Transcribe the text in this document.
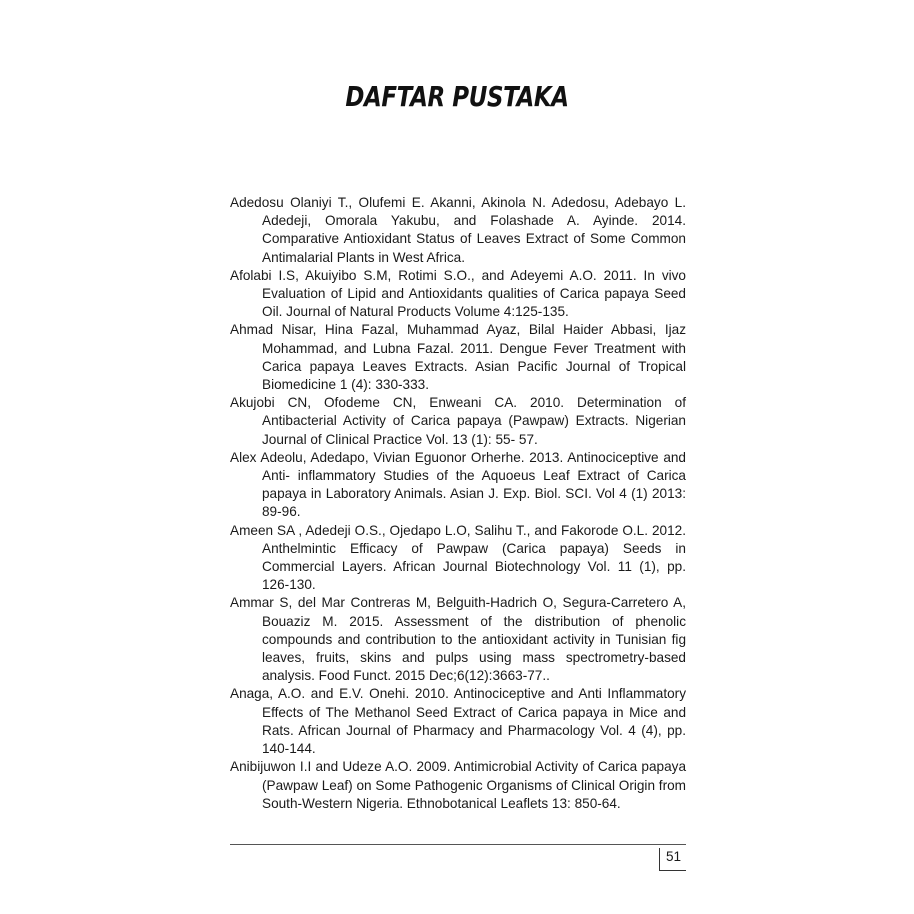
DAFTAR PUSTAKA

Adedosu Olaniyi T., Olufemi E. Akanni, Akinola N. Adedosu, Adebayo L. Adedeji, Omorala Yakubu, and Folashade A. Ayinde. 2014. Comparative Antioxidant Status of Leaves Extract of Some Common Antimalarial Plants in West Africa.

Afolabi I.S, Akuiyibo S.M, Rotimi S.O., and Adeyemi A.O. 2011. In vivo Evaluation of Lipid and Antioxidants qualities of Carica papaya Seed Oil. Journal of Natural Products Volume 4:125-135.

Ahmad Nisar, Hina Fazal, Muhammad Ayaz, Bilal Haider Abbasi, Ijaz Mohammad, and Lubna Fazal. 2011. Dengue Fever Treatment with Carica papaya Leaves Extracts. Asian Pacific Journal of Tropical Biomedicine 1 (4): 330-333.

Akujobi CN, Ofodeme CN, Enweani CA. 2010. Determination of Antibacterial Activity of Carica papaya (Pawpaw) Extracts. Nigerian Journal of Clinical Practice Vol. 13 (1): 55- 57.

Alex Adeolu, Adedapo, Vivian Eguonor Orherhe. 2013. Antinociceptive and Anti- inflammatory Studies of the Aquoeus Leaf Extract of Carica papaya in Laboratory Animals. Asian J. Exp. Biol. SCI. Vol 4 (1) 2013: 89-96.

Ameen SA , Adedeji O.S., Ojedapo L.O, Salihu T., and Fakorode O.L. 2012. Anthelmintic Efficacy of Pawpaw (Carica papaya) Seeds in Commercial Layers. African Journal Biotechnology Vol. 11 (1), pp. 126-130.

Ammar S, del Mar Contreras M, Belguith-Hadrich O, Segura-Carretero A, Bouaziz M. 2015. Assessment of the distribution of phenolic compounds and contribution to the antioxidant activity in Tunisian fig leaves, fruits, skins and pulps using mass spectrometry-based analysis. Food Funct. 2015 Dec;6(12):3663-77..

Anaga, A.O. and E.V. Onehi. 2010. Antinociceptive and Anti Inflammatory Effects of The Methanol Seed Extract of Carica papaya in Mice and Rats. African Journal of Pharmacy and Pharmacology Vol. 4 (4), pp. 140-144.

Anibijuwon I.I and Udeze A.O. 2009. Antimicrobial Activity of Carica papaya (Pawpaw Leaf) on Some Pathogenic Organisms of Clinical Origin from South-Western Nigeria. Ethnobotanical Leaflets 13: 850-64.

51
